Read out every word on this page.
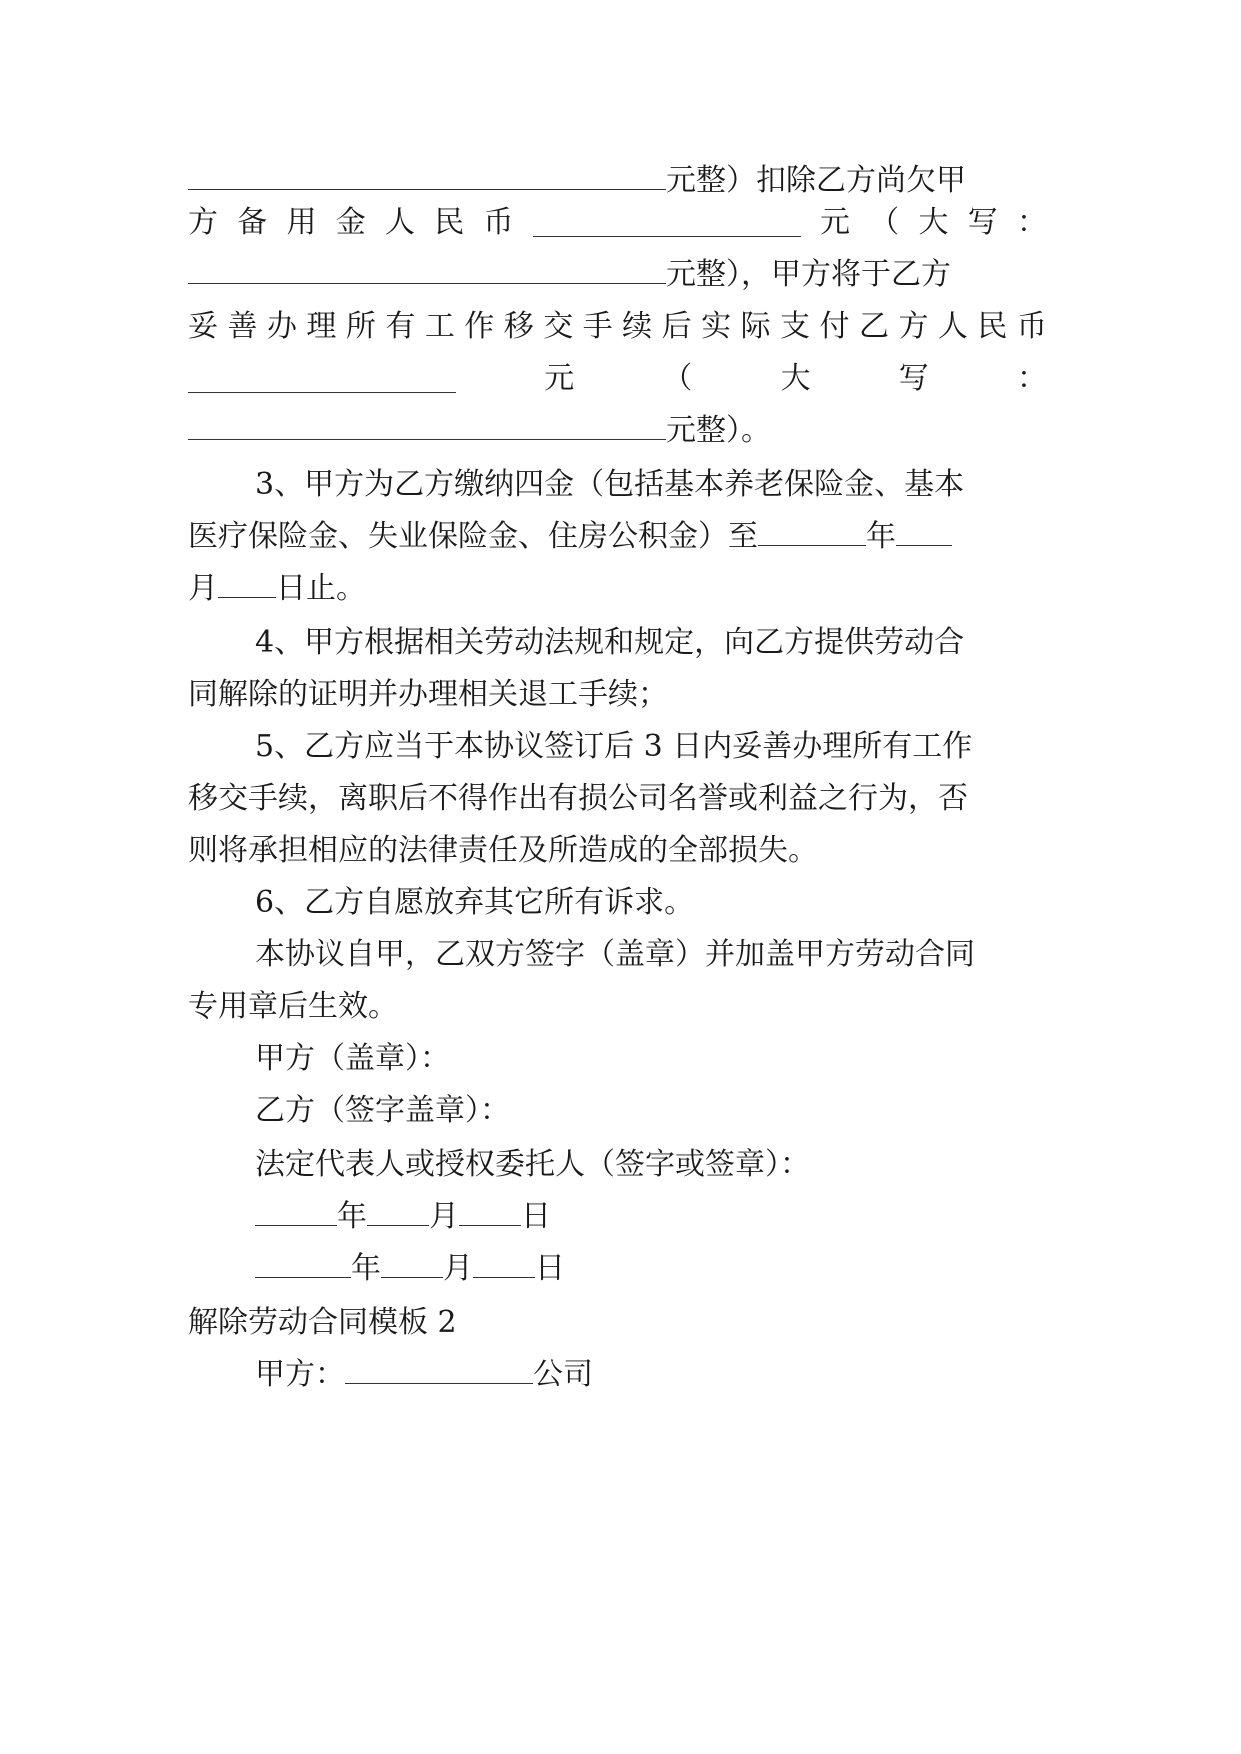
元整）扣除乙方尚欠甲
方 备 用 金 人 民 币	元 （ 大 写 ：
元整），甲方将于乙方
妥 善 办 理 所 有 工 作 移 交 手 续 后 实 际 支 付 乙 方 人 民 币
元	（	大	写	：
元整）。
3、甲方为乙方缴纳四金（包括基本养老保险金、基本
医疗保险金、失业保险金、住房公积金）至	年
月 日止。
4、甲方根据相关劳动法规和规定，向乙方提供劳动合
同解除的证明并办理相关退工手续；
5、乙方应当于本协议签订后 3 日内妥善办理所有工作
移交手续，离职后不得作出有损公司名誉或利益之行为，否
则将承担相应的法律责任及所造成的全部损失。
6、乙方自愿放弃其它所有诉求。
本协议自甲，乙双方签字（盖章）并加盖甲方劳动合同
专用章后生效。
甲方（盖章）：
乙方（签字盖章）：
法定代表人或授权委托人（签字或签章）：
年 月 日
年 月 日
解除劳动合同模板 2
甲方：	公司
